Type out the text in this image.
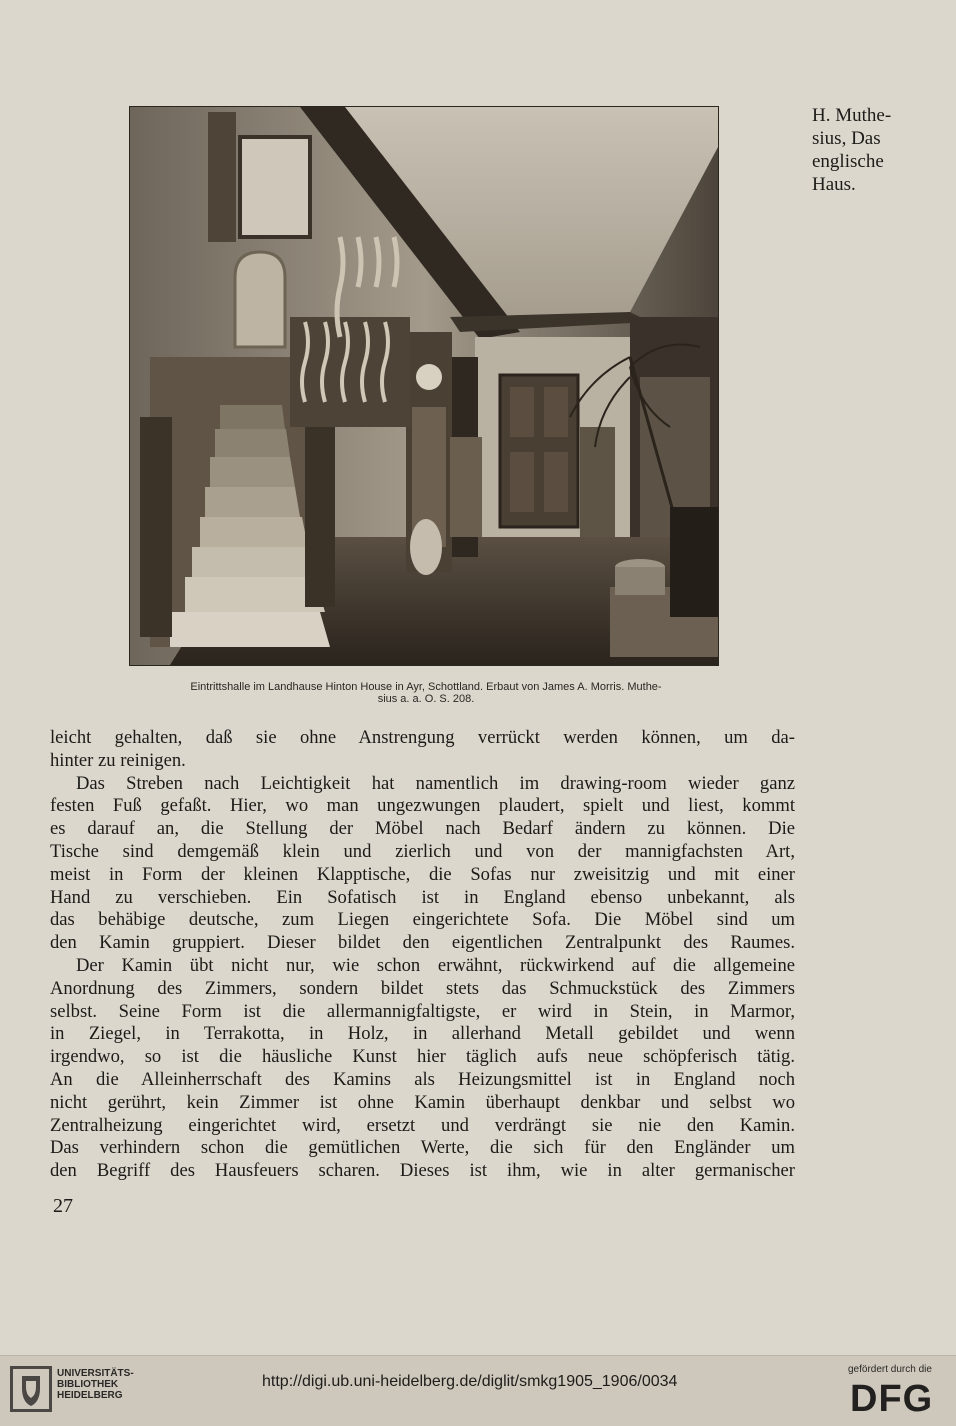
H. Muthe-
sius, Das
englische
Haus.
Eintrittshalle im Landhause Hinton House in Ayr, Schottland. Erbaut von James A. Morris. Muthe-
sius a. a. O. S. 208.
leicht gehalten, daß sie ohne Anstrengung verrückt werden können, um da-
hinter zu reinigen.
Das Streben nach Leichtigkeit hat namentlich im drawing-room wieder ganz
festen Fuß gefaßt. Hier, wo man ungezwungen plaudert, spielt und liest, kommt
es darauf an, die Stellung der Möbel nach Bedarf ändern zu können. Die
Tische sind demgemäß klein und zierlich und von der mannigfachsten Art,
meist in Form der kleinen Klapptische, die Sofas nur zweisitzig und mit einer
Hand zu verschieben. Ein Sofatisch ist in England ebenso unbekannt, als
das behäbige deutsche, zum Liegen eingerichtete Sofa. Die Möbel sind um
den Kamin gruppiert. Dieser bildet den eigentlichen Zentralpunkt des Raumes.
Der Kamin übt nicht nur, wie schon erwähnt, rückwirkend auf die allgemeine
Anordnung des Zimmers, sondern bildet stets das Schmuckstück des Zimmers
selbst. Seine Form ist die allermannigfaltigste, er wird in Stein, in Marmor,
in Ziegel, in Terrakotta, in Holz, in allerhand Metall gebildet und wenn
irgendwo, so ist die häusliche Kunst hier täglich aufs neue schöpferisch tätig.
An die Alleinherrschaft des Kamins als Heizungsmittel ist in England noch
nicht gerührt, kein Zimmer ist ohne Kamin überhaupt denkbar und selbst wo
Zentralheizung eingerichtet wird, ersetzt und verdrängt sie nie den Kamin.
Das verhindern schon die gemütlichen Werte, die sich für den Engländer um
den Begriff des Hausfeuers scharen. Dieses ist ihm, wie in alter germanischer
27
UNIVERSITÄTS-
BIBLIOTHEK
HEIDELBERG
http://digi.ub.uni-heidelberg.de/diglit/smkg1905_1906/0034
gefördert durch die
DFG
